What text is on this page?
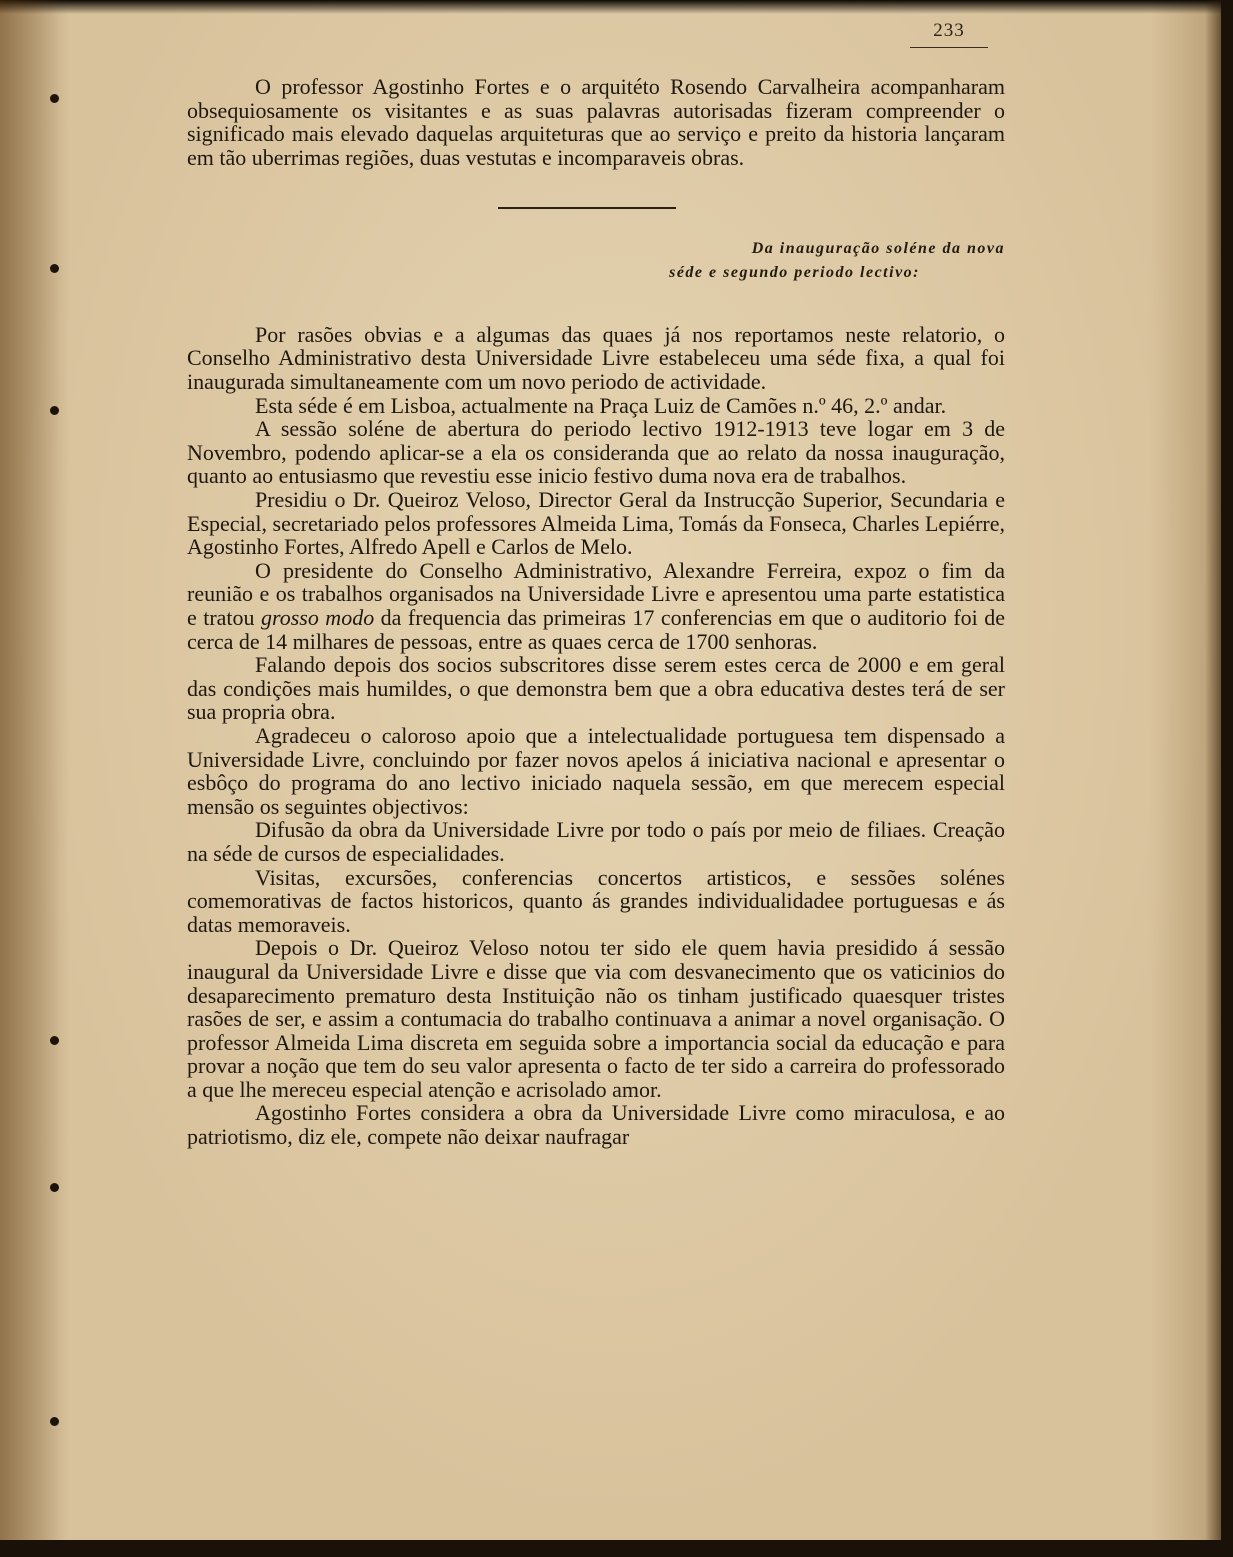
233

O professor Agostinho Fortes e o arquitéto Rosendo Carvalheira acompanharam obsequiosamente os visitantes e as suas palavras autorisadas fizeram compreender o significado mais elevado daquelas arquiteturas que ao serviço e preito da historia lançaram em tão uberrimas regiões, duas vestutas e incomparaveis obras.

Da inauguração soléne da nova
séde e segundo periodo lectivo:

Por rasões obvias e a algumas das quaes já nos reportamos neste relatorio, o Conselho Administrativo desta Universidade Livre estabeleceu uma séde fixa, a qual foi inaugurada simultaneamente com um novo periodo de actividade.

Esta séde é em Lisboa, actualmente na Praça Luiz de Camões n.º 46, 2.º andar.

A sessão soléne de abertura do periodo lectivo 1912-1913 teve logar em 3 de Novembro, podendo aplicar-se a ela os consideranda que ao relato da nossa inauguração, quanto ao entusiasmo que revestiu esse inicio festivo duma nova era de trabalhos.

Presidiu o Dr. Queiroz Veloso, Director Geral da Instrucção Superior, Secundaria e Especial, secretariado pelos professores Almeida Lima, Tomás da Fonseca, Charles Lepiérre, Agostinho Fortes, Alfredo Apell e Carlos de Melo.

O presidente do Conselho Administrativo, Alexandre Ferreira, expoz o fim da reunião e os trabalhos organisados na Universidade Livre e apresentou uma parte estatistica e tratou grosso modo da frequencia das primeiras 17 conferencias em que o auditorio foi de cerca de 14 milhares de pessoas, entre as quaes cerca de 1700 senhoras.

Falando depois dos socios subscritores disse serem estes cerca de 2000 e em geral das condições mais humildes, o que demonstra bem que a obra educativa destes terá de ser sua propria obra.

Agradeceu o caloroso apoio que a intelectualidade portuguesa tem dispensado a Universidade Livre, concluindo por fazer novos apelos á iniciativa nacional e apresentar o esbôço do programa do ano lectivo iniciado naquela sessão, em que merecem especial mensão os seguintes objectivos:

Difusão da obra da Universidade Livre por todo o país por meio de filiaes. Creação na séde de cursos de especialidades.

Visitas, excursões, conferencias concertos artisticos, e sessões solénes comemorativas de factos historicos, quanto ás grandes individualidadee portuguesas e ás datas memoraveis.

Depois o Dr. Queiroz Veloso notou ter sido ele quem havia presidido á sessão inaugural da Universidade Livre e disse que via com desvanecimento que os vaticinios do desaparecimento prematuro desta Instituição não os tinham justificado quaesquer tristes rasões de ser, e assim a contumacia do trabalho continuava a animar a novel organisação. O professor Almeida Lima discreta em seguida sobre a importancia social da educação e para provar a noção que tem do seu valor apresenta o facto de ter sido a carreira do professorado a que lhe mereceu especial atenção e acrisolado amor.

Agostinho Fortes considera a obra da Universidade Livre como miraculosa, e ao patriotismo, diz ele, compete não deixar naufragar
